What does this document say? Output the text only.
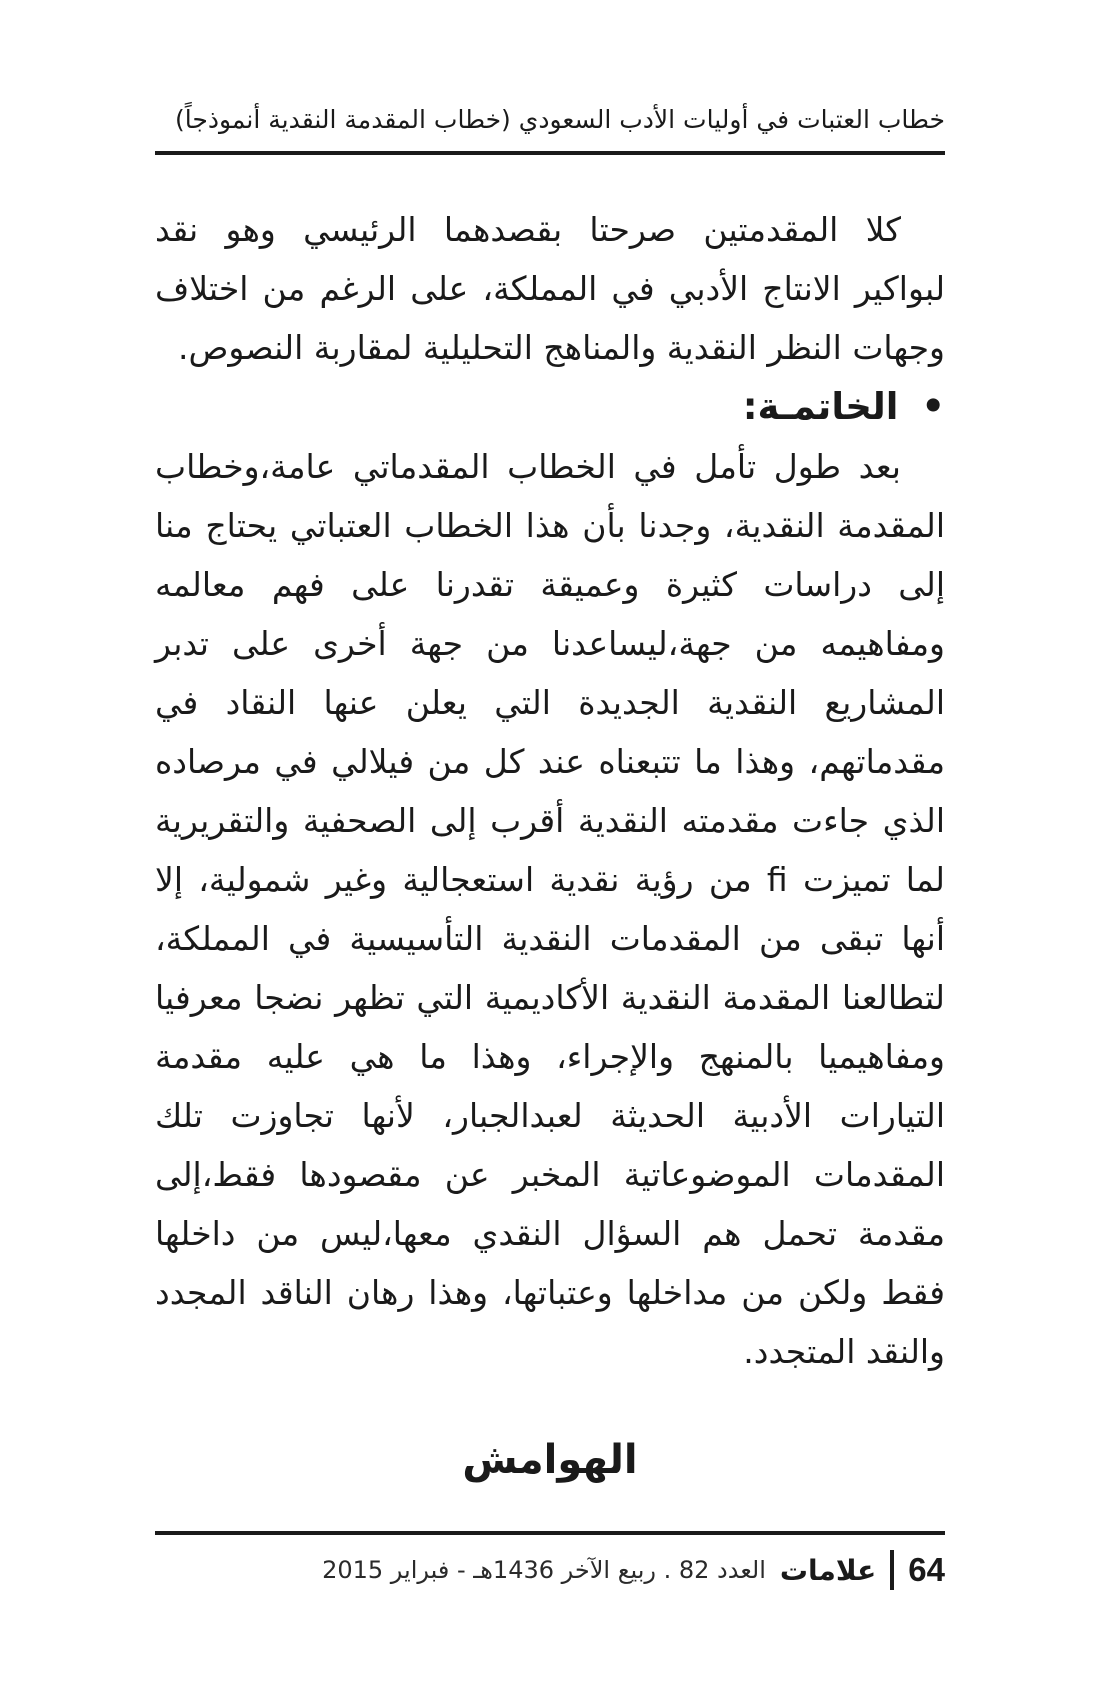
خطاب العتبات في أوليات الأدب السعودي (خطاب المقدمة النقدية أنموذجاً)

كلا المقدمتين صرحتا بقصدهما الرئيسي وهو نقد لبواكير الانتاج الأدبي في المملكة، على الرغم من اختلاف وجهات النظر النقدية والمناهج التحليلية لمقاربة النصوص.

• الخاتمـة:

بعد طول تأمل في الخطاب المقدماتي عامة،وخطاب المقدمة النقدية، وجدنا بأن هذا الخطاب العتباتي يحتاج منا إلى دراسات كثيرة وعميقة تقدرنا على فهم معالمه ومفاهيمه من جهة،ليساعدنا من جهة أخرى على تدبر المشاريع النقدية الجديدة التي يعلن عنها النقاد في مقدماتهم، وهذا ما تتبعناه عند كل من فيلالي في مرصاده الذي جاءت مقدمته النقدية أقرب إلى الصحفية والتقريرية لما تميزت fi من رؤية نقدية استعجالية وغير شمولية، إلا أنها تبقى من المقدمات النقدية التأسيسية في المملكة، لتطالعنا المقدمة النقدية الأكاديمية التي تظهر نضجا معرفيا ومفاهيميا بالمنهج والإجراء، وهذا ما هي عليه مقدمة التيارات الأدبية الحديثة لعبدالجبار، لأنها تجاوزت تلك المقدمات الموضوعاتية المخبر عن مقصودها فقط،إلى مقدمة تحمل هم السؤال النقدي معها،ليس من داخلها فقط ولكن من مداخلها وعتباتها، وهذا رهان الناقد المجدد والنقد المتجدد.

الهوامش
64
علامات
العدد 82 . ربيع الآخر 1436هـ - فبراير 2015
